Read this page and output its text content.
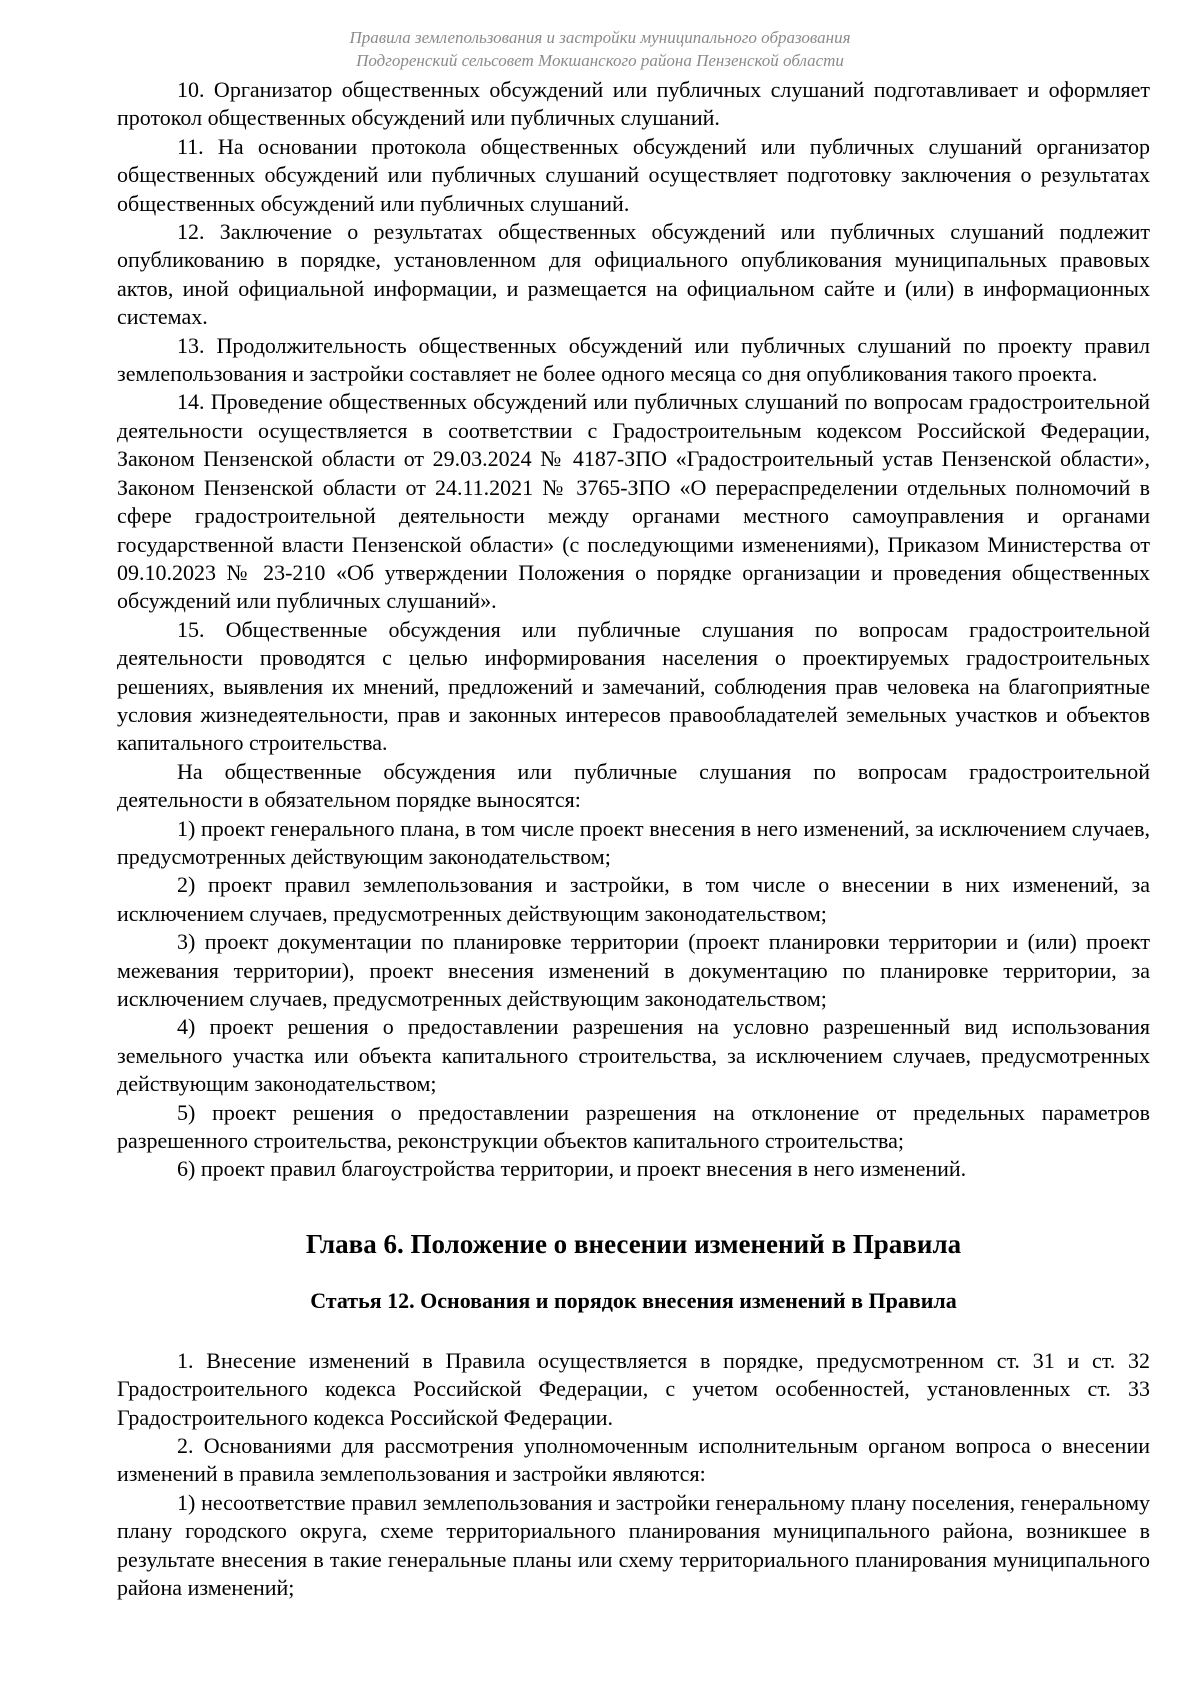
Правила землепользования и застройки муниципального образования
Подгоренский сельсовет Мокшанского района Пензенской области

10. Организатор общественных обсуждений или публичных слушаний подготавливает и оформляет протокол общественных обсуждений или публичных слушаний.

11. На основании протокола общественных обсуждений или публичных слушаний организатор общественных обсуждений или публичных слушаний осуществляет подготовку заключения о результатах общественных обсуждений или публичных слушаний.

12. Заключение о результатах общественных обсуждений или публичных слушаний подлежит опубликованию в порядке, установленном для официального опубликования муниципальных правовых актов, иной официальной информации, и размещается на официальном сайте и (или) в информационных системах.

13. Продолжительность общественных обсуждений или публичных слушаний по проекту правил землепользования и застройки составляет не более одного месяца со дня опубликования такого проекта.

14. Проведение общественных обсуждений или публичных слушаний по вопросам градостроительной деятельности осуществляется в соответствии с Градостроительным кодексом Российской Федерации, Законом Пензенской области от 29.03.2024 № 4187-ЗПО «Градостроительный устав Пензенской области», Законом Пензенской области от 24.11.2021 № 3765-ЗПО «О перераспределении отдельных полномочий в сфере градостроительной деятельности между органами местного самоуправления и органами государственной власти Пензенской области» (с последующими изменениями), Приказом Министерства от 09.10.2023 № 23-210 «Об утверждении Положения о порядке организации и проведения общественных обсуждений или публичных слушаний».

15. Общественные обсуждения или публичные слушания по вопросам градостроительной деятельности проводятся с целью информирования населения о проектируемых градостроительных решениях, выявления их мнений, предложений и замечаний, соблюдения прав человека на благоприятные условия жизнедеятельности, прав и законных интересов правообладателей земельных участков и объектов капитального строительства.

На общественные обсуждения или публичные слушания по вопросам градостроительной деятельности в обязательном порядке выносятся:

1) проект генерального плана, в том числе проект внесения в него изменений, за исключением случаев, предусмотренных действующим законодательством;

2) проект правил землепользования и застройки, в том числе о внесении в них изменений, за исключением случаев, предусмотренных действующим законодательством;

3) проект документации по планировке территории (проект планировки территории и (или) проект межевания территории), проект внесения изменений в документацию по планировке территории, за исключением случаев, предусмотренных действующим законодательством;

4) проект решения о предоставлении разрешения на условно разрешенный вид использования земельного участка или объекта капитального строительства, за исключением случаев, предусмотренных действующим законодательством;

5) проект решения о предоставлении разрешения на отклонение от предельных параметров разрешенного строительства, реконструкции объектов капитального строительства;

6) проект правил благоустройства территории, и проект внесения в него изменений.

Глава 6. Положение о внесении изменений в Правила
Статья 12. Основания и порядок внесения изменений в Правила

1. Внесение изменений в Правила осуществляется в порядке, предусмотренном ст. 31 и ст. 32 Градостроительного кодекса Российской Федерации, с учетом особенностей, установленных ст. 33 Градостроительного кодекса Российской Федерации.

2. Основаниями для рассмотрения уполномоченным исполнительным органом вопроса о внесении изменений в правила землепользования и застройки являются:

1) несоответствие правил землепользования и застройки генеральному плану поселения, генеральному плану городского округа, схеме территориального планирования муниципального района, возникшее в результате внесения в такие генеральные планы или схему территориального планирования муниципального района изменений;
